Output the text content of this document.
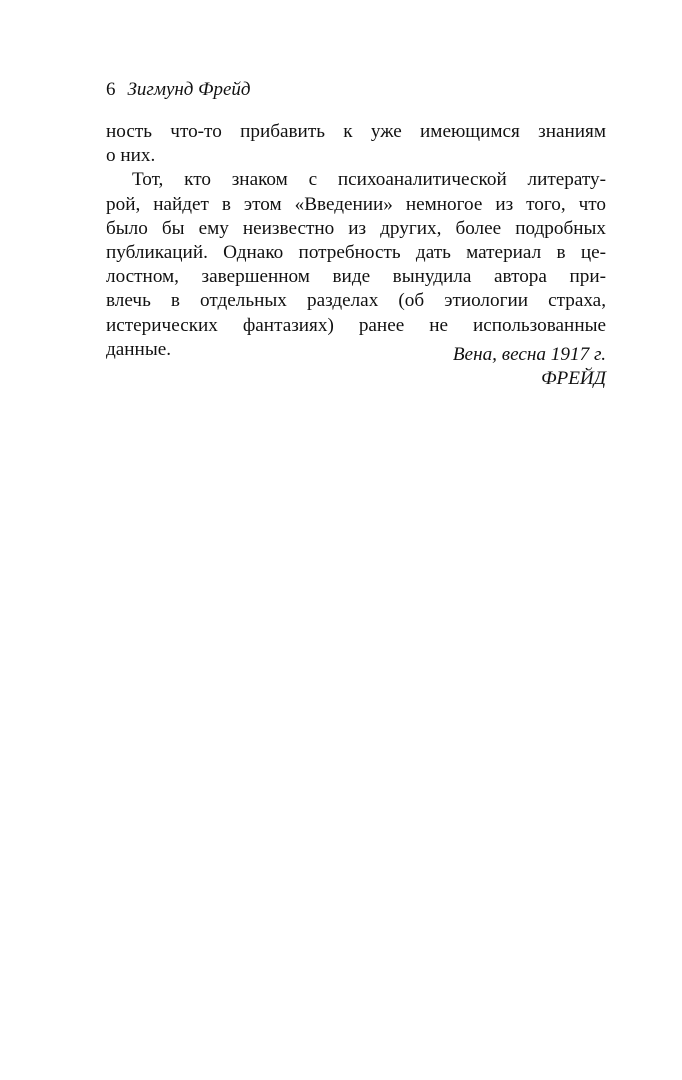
6 Зигмунд Фрейд
ность что-то прибавить к уже имеющимся знаниям
о них.
Тот, кто знаком с психоаналитической литерату-
рой, найдет в этом «Введении» немногое из того, что
было бы ему неизвестно из других, более подробных
публикаций. Однако потребность дать материал в це-
лостном, завершенном виде вынудила автора при-
влечь в отдельных разделах (об этиологии страха,
истерических фантазиях) ранее не использованные
данные.	Вена, весна 1917 г.
ФРЕЙД
